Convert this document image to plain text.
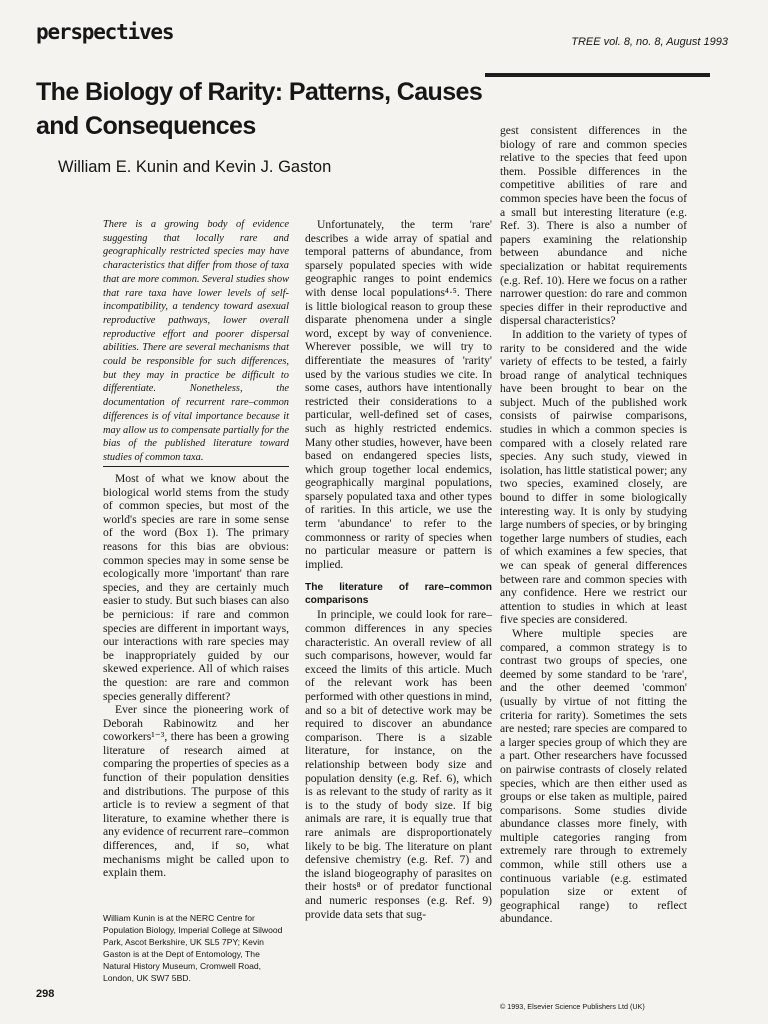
perspectives	TREE vol. 8, no. 8, August 1993
The Biology of Rarity: Patterns, Causes
and Consequences
William E. Kunin and Kevin J. Gaston
There is a growing body of evidence suggesting that locally rare and geographically restricted species may have characteristics that differ from those of taxa that are more common. Several studies show that rare taxa have lower levels of self-incompatibility, a tendency toward asexual reproductive pathways, lower overall reproductive effort and poorer dispersal abilities. There are several mechanisms that could be responsible for such differences, but they may in practice be difficult to differentiate. Nonetheless, the documentation of recurrent rare–common differences is of vital importance because it may allow us to compensate partially for the bias of the published literature toward studies of common taxa.

Most of what we know about the biological world stems from the study of common species, but most of the world's species are rare in some sense of the word (Box 1). The primary reasons for this bias are obvious: common species may in some sense be ecologically more 'important' than rare species, and they are certainly much easier to study. But such biases can also be pernicious: if rare and common species are different in important ways, our interactions with rare species may be inappropriately guided by our skewed experience. All of which raises the question: are rare and common species generally different?

Ever since the pioneering work of Deborah Rabinowitz and her coworkers¹⁻³, there has been a growing literature of research aimed at comparing the properties of species as a function of their population densities and distributions. The purpose of this article is to review a segment of that literature, to examine whether there is any evidence of recurrent rare–common differences, and, if so, what mechanisms might be called upon to explain them.

William Kunin is at the NERC Centre for Population Biology, Imperial College at Silwood Park, Ascot Berkshire, UK SL5 7PY; Kevin Gaston is at the Dept of Entomology, The Natural History Museum, Cromwell Road, London, UK SW7 5BD.

Unfortunately, the term 'rare' describes a wide array of spatial and temporal patterns of abundance, from sparsely populated species with wide geographic ranges to point endemics with dense local populations⁴·⁵. There is little biological reason to group these disparate phenomena under a single word, except by way of convenience. Wherever possible, we will try to differentiate the measures of 'rarity' used by the various studies we cite. In some cases, authors have intentionally restricted their considerations to a particular, well-defined set of cases, such as highly restricted endemics. Many other studies, however, have been based on endangered species lists, which group together local endemics, geographically marginal populations, sparsely populated taxa and other types of rarities. In this article, we use the term 'abundance' to refer to the commonness or rarity of species when no particular measure or pattern is implied.

The literature of rare–common comparisons

In principle, we could look for rare–common differences in any species characteristic. An overall review of all such comparisons, however, would far exceed the limits of this article. Much of the relevant work has been performed with other questions in mind, and so a bit of detective work may be required to discover an abundance comparison. There is a sizable literature, for instance, on the relationship between body size and population density (e.g. Ref. 6), which is as relevant to the study of rarity as it is to the study of body size. If big animals are rare, it is equally true that rare animals are disproportionately likely to be big. The literature on plant defensive chemistry (e.g. Ref. 7) and the island biogeography of parasites on their hosts⁸ or of predator functional and numeric responses (e.g. Ref. 9) provide data sets that sug-

gest consistent differences in the biology of rare and common species relative to the species that feed upon them. Possible differences in the competitive abilities of rare and common species have been the focus of a small but interesting literature (e.g. Ref. 3). There is also a number of papers examining the relationship between abundance and niche specialization or habitat requirements (e.g. Ref. 10). Here we focus on a rather narrower question: do rare and common species differ in their reproductive and dispersal characteristics?

In addition to the variety of types of rarity to be considered and the wide variety of effects to be tested, a fairly broad range of analytical techniques have been brought to bear on the subject. Much of the published work consists of pairwise comparisons, studies in which a common species is compared with a closely related rare species. Any such study, viewed in isolation, has little statistical power; any two species, examined closely, are bound to differ in some biologically interesting way. It is only by studying large numbers of species, or by bringing together large numbers of studies, each of which examines a few species, that we can speak of general differences between rare and common species with any confidence. Here we restrict our attention to studies in which at least five species are considered.

Where multiple species are compared, a common strategy is to contrast two groups of species, one deemed by some standard to be 'rare', and the other deemed 'common' (usually by virtue of not fitting the criteria for rarity). Sometimes the sets are nested; rare species are compared to a larger species group of which they are a part. Other researchers have focussed on pairwise contrasts of closely related species, which are then either used as groups or else taken as multiple, paired comparisons. Some studies divide abundance classes more finely, with multiple categories ranging from extremely rare through to extremely common, while still others use a continuous variable (e.g. estimated population size or extent of geographical range) to reflect abundance.

298
© 1993, Elsevier Science Publishers Ltd (UK)
